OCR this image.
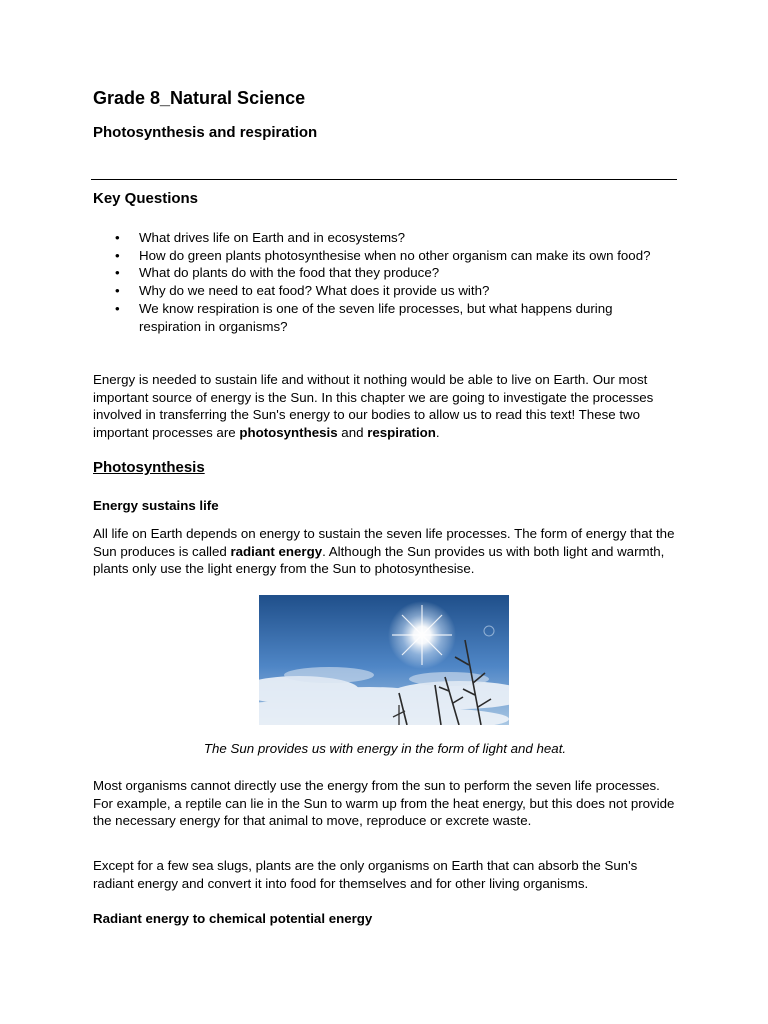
Grade 8_Natural Science
Photosynthesis and respiration
Key Questions
• What drives life on Earth and in ecosystems?
• How do green plants photosynthesise when no other organism can make its own food?
• What do plants do with the food that they produce?
• Why do we need to eat food? What does it provide us with?
• We know respiration is one of the seven life processes, but what happens during respiration in organisms?

Energy is needed to sustain life and without it nothing would be able to live on Earth. Our most important source of energy is the Sun. In this chapter we are going to investigate the processes involved in transferring the Sun's energy to our bodies to allow us to read this text! These two important processes are photosynthesis and respiration.

Photosynthesis
Energy sustains life

All life on Earth depends on energy to sustain the seven life processes. The form of energy that the Sun produces is called radiant energy. Although the Sun provides us with both light and warmth, plants only use the light energy from the Sun to photosynthesise.

The Sun provides us with energy in the form of light and heat.

Most organisms cannot directly use the energy from the sun to perform the seven life processes. For example, a reptile can lie in the Sun to warm up from the heat energy, but this does not provide the necessary energy for that animal to move, reproduce or excrete waste.

Except for a few sea slugs, plants are the only organisms on Earth that can absorb the Sun's radiant energy and convert it into food for themselves and for other living organisms.

Radiant energy to chemical potential energy
